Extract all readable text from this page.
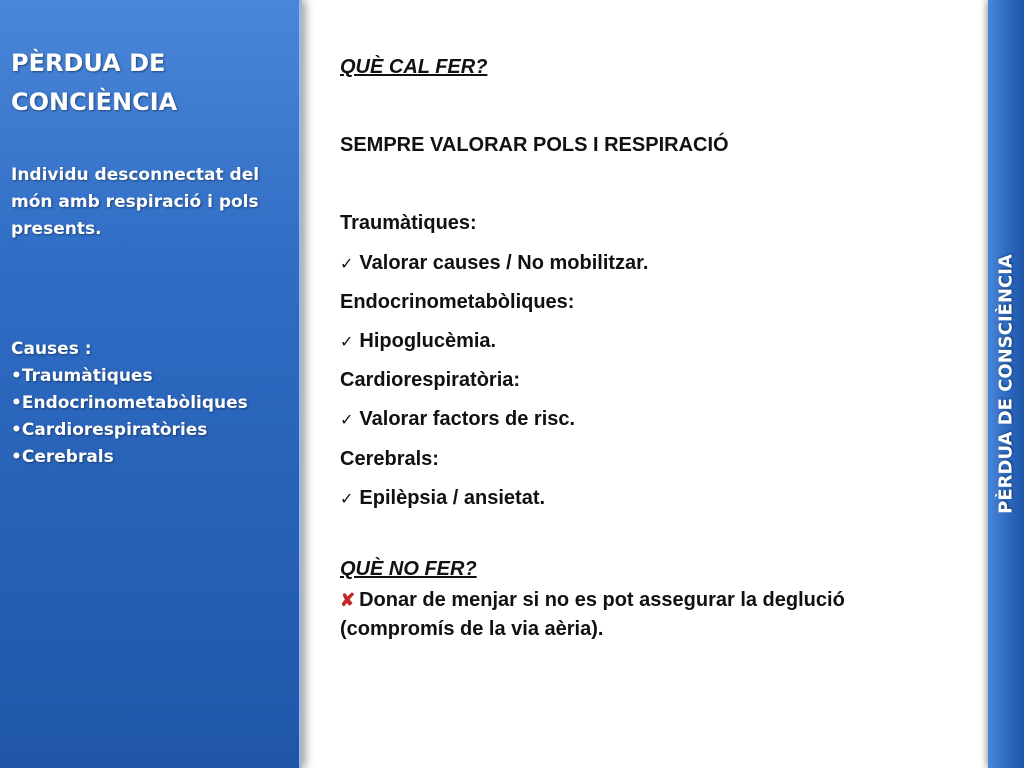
PÈRDUA DE
CONCIÈNCIA
Individu desconnectat del
món amb respiració i pols
presents.
Causes :
•Traumàtiques
•Endocrinometabòliques
•Cardiorespiratòries
•Cerebrals
QUÈ CAL FER?
SEMPRE VALORAR POLS I RESPIRACIÓ
Traumàtiques:
✓ Valorar causes / No mobilitzar.
Endocrinometabòliques:
✓ Hipoglucèmia.
Cardiorespiratòria:
✓ Valorar factors de risc.
Cerebrals:
✓ Epilèpsia / ansietat.
QUÈ NO FER?
✘ Donar de menjar si no es pot assegurar la deglució (compromís de la via aèria).
PÈRDUA DE CONSCIÈNCIA
